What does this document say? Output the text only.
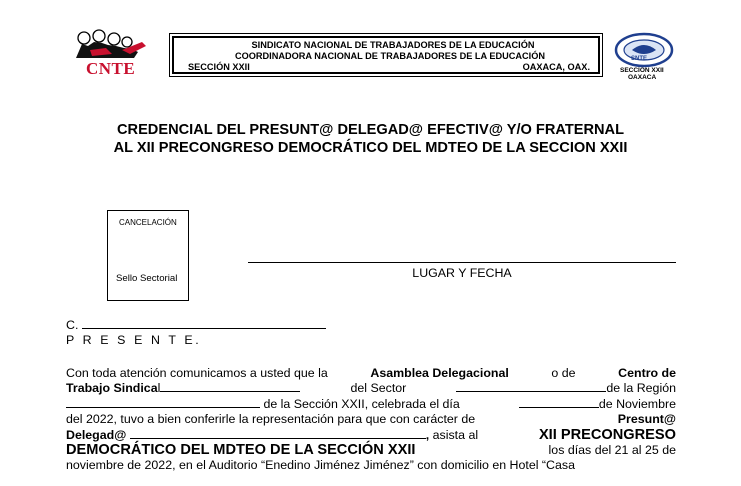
CNTE
SINDICATO NACIONAL DE TRABAJADORES DE LA EDUCACIÓN
COORDINADORA NACIONAL DE TRABAJADORES DE LA EDUCACIÓN
SECCIÓN XXII	OAXACA, OAX.
SNTE
SECCION XXII
OAXACA
CREDENCIAL DEL PRESUNT@ DELEGAD@ EFECTIV@ Y/O FRATERNAL
AL XII PRECONGRESO DEMOCRÁTICO DEL MDTEO DE LA SECCION XXII
CANCELACIÓN
Sello Sectorial	LUGAR Y FECHA
C.
P R E S E N T E.
Con toda atención comunicamos a usted que la	Asamblea Delegacional	o de	Centro de
Trabajo Sindical	del Sector	de la Región
de la Sección XXII, celebrada el día	de Noviembre
del 2022, tuvo a bien conferirle la representación para que con carácter de	Presunt@
Delegad@	, asista al	XII PRECONGRESO
DEMOCRÁTICO DEL MDTEO DE LA SECCIÓN XXII	los días del 21 al 25 de
noviembre de 2022, en el Auditorio “Enedino Jiménez Jiménez” con domicilio en Hotel “Casa
